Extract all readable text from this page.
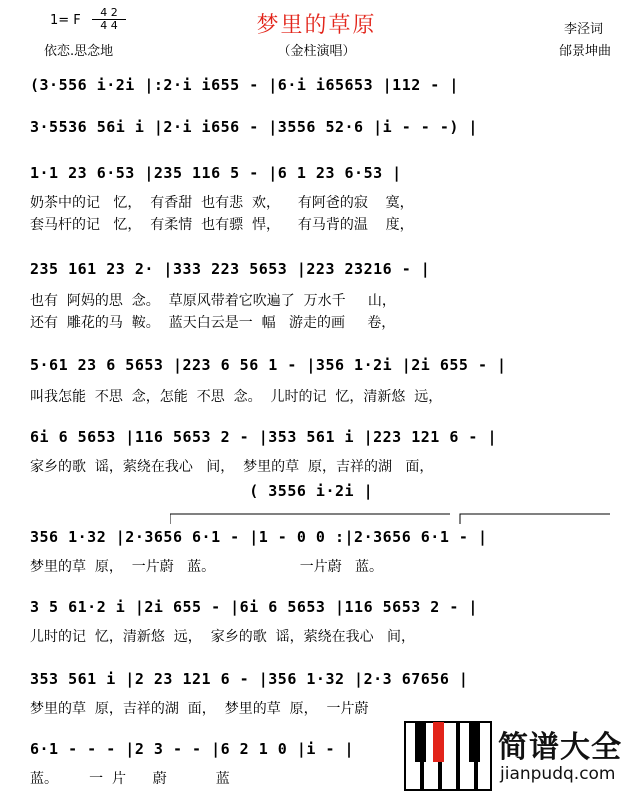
梦里的草原
（金柱演唱）
1= F
4 2
4 4
依恋.思念地
李泾词
邰景坤曲
(3·556 i·2i |:2·i i655 - |6·i i65653 |112 - |
3·5536 56i i |2·i i656 - |3556 52·6 |i - - -) |
1·1 23 6·53 |235 116 5 - |6 1 23 6·53 |
奶茶中的记   忆，  有香甜  也有悲  欢，    有阿爸的寂    寞，
套马杆的记   忆，  有柔情  也有骠  悍，    有马背的温    度，
235 161 23 2· |333 223 5653 |223 23216 - |
也有  阿妈的思  念。  草原风带着它吹遍了  万水千     山，
还有  雕花的马  鞍。  蓝天白云是一  幅   游走的画     卷，
5·61 23 6 5653 |223 6 56 1 - |356 1·2i |2i 655 - |
叫我怎能  不思  念，怎能  不思  念。  儿时的记  忆，清新悠  远，
6i 6 5653 |116 5653 2 - |353 561 i |223 121 6 - |
家乡的歌  谣，萦绕在我心   间，  梦里的草  原，吉祥的湖   面，
( 3556 i·2i |
356 1·32 |2·3656 6·1 - |1 - 0 0 :|2·3656 6·1 - |
梦里的草  原，  一片蔚   蓝。                   一片蔚   蓝。
3 5 61·2 i |2i 655 - |6i 6 5653 |116 5653 2 - |
儿时的记  忆，清新悠  远，  家乡的歌  谣，萦绕在我心   间，
353 561 i |2 23 121 6 - |356 1·32 |2·3 67656 |
梦里的草  原，吉祥的湖  面，  梦里的草  原，  一片蔚
6·1 - - - |2 3 - - |6 2 1 0 |i - |
蓝。       一  片      蔚           蓝
简谱大全
jianpudq.com
